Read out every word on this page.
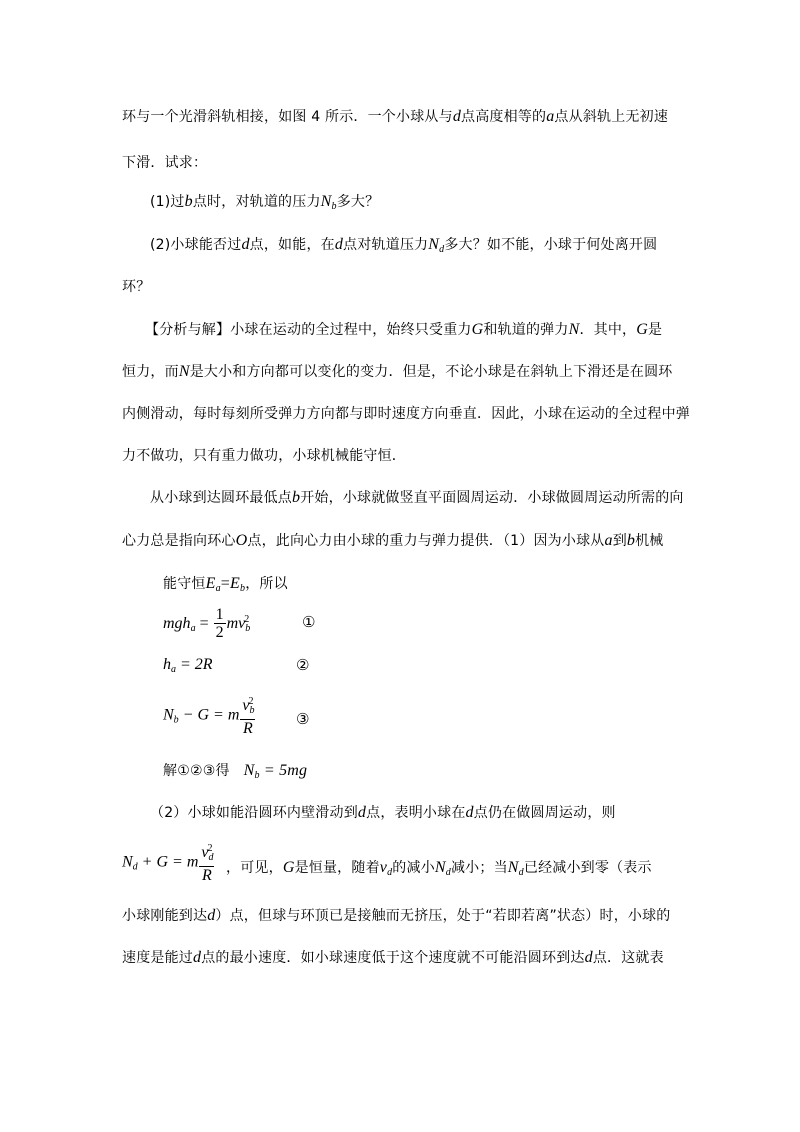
环与一个光滑斜轨相接，如图 4 所示．一个小球从与d点高度相等的a点从斜轨上无初速
下滑．试求：
(1)过b点时，对轨道的压力$N_b$多大？
(2)小球能否过d点，如能，在d点对轨道压力$N_d$多大？如不能，小球于何处离开圆
环？
【分析与解】小球在运动的全过程中，始终只受重力G和轨道的弹力N．其中，G是
恒力，而N是大小和方向都可以变化的变力．但是，不论小球是在斜轨上下滑还是在圆环
内侧滑动，每时每刻所受弹力方向都与即时速度方向垂直．因此，小球在运动的全过程中弹
力不做功，只有重力做功，小球机械能守恒．
从小球到达圆环最低点b开始，小球就做竖直平面圆周运动．小球做圆周运动所需的向
心力总是指向环心O点，此向心力由小球的重力与弹力提供．（1）因为小球从a到b机械
能守恒$E_a=E_b$，所以
$mgh_a = \frac{1}{2} mv_b^2$	①
$h_a = 2R$	②
$N_b - G = m \frac{v_b^2}{R}$	③
解①②③得 $N_b = 5mg$
（2）小球如能沿圆环内壁滑动到d点，表明小球在d点仍在做圆周运动，则
$N_d + G = m \frac{v_d^2}{R}$ ，可见，G是恒量，随着$v_d$的减小$N_d$减小；当$N_d$已经减小到零（表示
小球刚能到达d）点，但球与环顶已是接触而无挤压，处于“若即若离”状态）时，小球的
速度是能过d点的最小速度．如小球速度低于这个速度就不可能沿圆环到达d点．这就表
